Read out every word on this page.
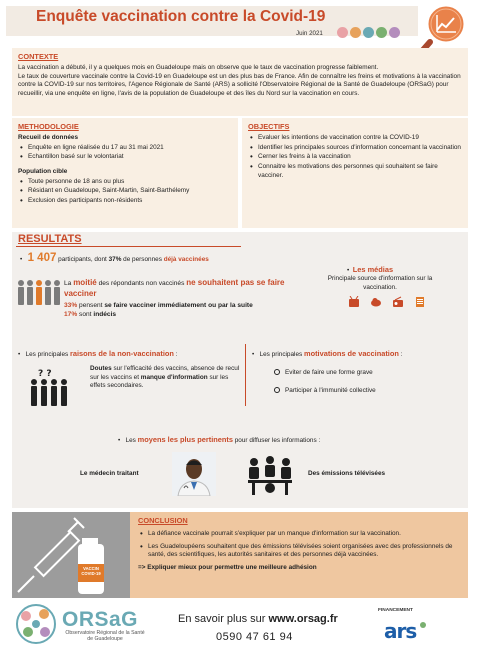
Enquête vaccination contre la Covid-19
Juin 2021
CONTEXTE

La vaccination a débuté, il y a quelques mois en Guadeloupe mais on observe que le taux de vaccination progresse faiblement.

Le taux de couverture vaccinale contre la Covid-19 en Guadeloupe est un des plus bas de France. Afin de connaître les freins et motivations à la vaccination contre la COVID-19 sur nos territoires, l'Agence Régionale de Santé (ARS) a sollicité l'Observatoire Régional de la Santé de Guadeloupe (ORSaG) pour recueillir, via une enquête en ligne, l'avis de la population de Guadeloupe et des îles du Nord sur la vaccination en cours.

METHODOLOGIE
Recueil de données
• Enquête en ligne réalisée du 17 au 31 mai 2021
• Echantillon basé sur le volontariat
Population cible
• Toute personne de 18 ans ou plus
• Résidant en Guadeloupe, Saint-Martin, Saint-Barthélemy
• Exclusion des participants non-résidents
OBJECTIFS
• Evaluer les intentions de vaccination contre la COVID-19
• Identifier les principales sources d'information concernant la vaccination
• Cerner les freins à la vaccination
• Connaitre les motivations des personnes qui souhaitent se faire vacciner.
RESULTATS
•   1 407 participants, dont 37% de personnes déjà vaccinées
La moitié des répondants non vaccinés ne souhaitent pas se faire vacciner
33% pensent se faire vacciner immédiatement ou par la suite
17% sont indécis
•  Les médias
Principale source d'information sur la vaccination.
•   Les principales raisons de la non-vaccination :
? ?
Doutes sur l'efficacité des vaccins, absence de recul sur les vaccins et manque d'information sur les effets secondaires.
•   Les principales motivations de vaccination :
Eviter de faire une forme grave
Participer à l'immunité collective
•   Les moyens les plus pertinents pour diffuser les informations :
Le médecin traitant	Des émissions télévisées
VACCIN
COVID-19
CONCLUSION
• La défiance vaccinale pourrait s'expliquer par un manque d'information sur la vaccination.
• Les Guadeloupéens souhaitent que des émissions télévisées soient organisées avec des professionnels de santé, des scientifiques, les autorités sanitaires et des personnes déjà vaccinées.
=> Expliquer mieux pour permettre une meilleure adhésion
ORSaG
Observatoire Régional de la Santé
de Guadeloupe
En savoir plus sur www.orsag.fr
0590 47 61 94
FINANCEMENT
ars
